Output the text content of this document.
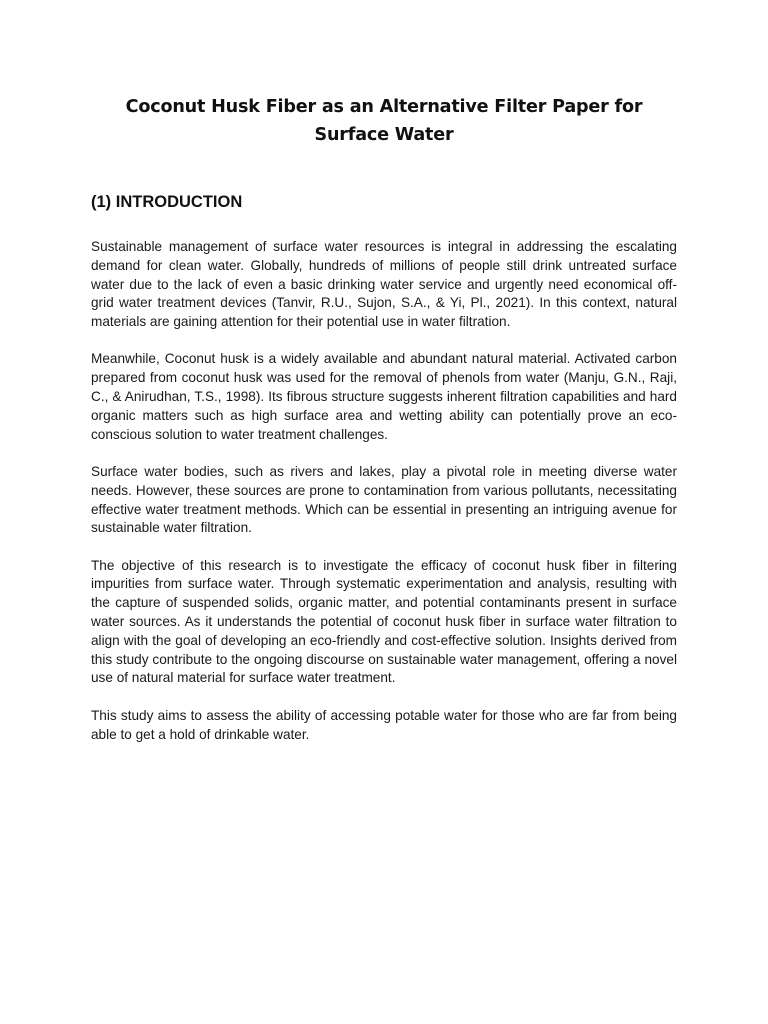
Coconut Husk Fiber as an Alternative Filter Paper for Surface Water
(1) INTRODUCTION

Sustainable management of surface water resources is integral in addressing the escalating demand for clean water. Globally, hundreds of millions of people still drink untreated surface water due to the lack of even a basic drinking water service and urgently need economical off-grid water treatment devices (Tanvir, R.U., Sujon, S.A., & Yi, Pl., 2021). In this context, natural materials are gaining attention for their potential use in water filtration.

Meanwhile, Coconut husk is a widely available and abundant natural material. Activated carbon prepared from coconut husk was used for the removal of phenols from water (Manju, G.N., Raji, C., & Anirudhan, T.S., 1998). Its fibrous structure suggests inherent filtration capabilities and hard organic matters such as high surface area and wetting ability can potentially prove an eco-conscious solution to water treatment challenges.

Surface water bodies, such as rivers and lakes, play a pivotal role in meeting diverse water needs. However, these sources are prone to contamination from various pollutants, necessitating effective water treatment methods. Which can be essential in presenting an intriguing avenue for sustainable water filtration.

The objective of this research is to investigate the efficacy of coconut husk fiber in filtering impurities from surface water. Through systematic experimentation and analysis, resulting with the capture of suspended solids, organic matter, and potential contaminants present in surface water sources. As it understands the potential of coconut husk fiber in surface water filtration to align with the goal of developing an eco-friendly and cost-effective solution. Insights derived from this study contribute to the ongoing discourse on sustainable water management, offering a novel use of natural material for surface water treatment.

This study aims to assess the ability of accessing potable water for those who are far from being able to get a hold of drinkable water.
